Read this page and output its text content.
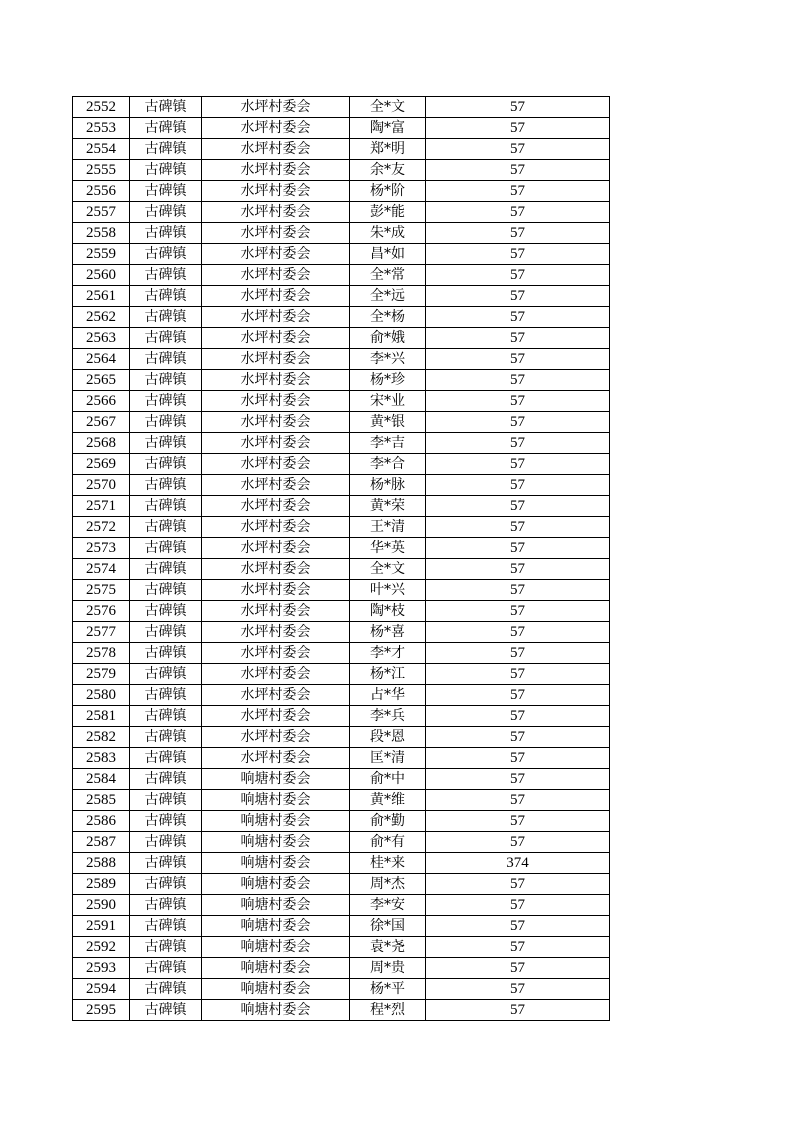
2552	古碑镇	水坪村委会	全*文	57
2553	古碑镇	水坪村委会	陶*富	57
2554	古碑镇	水坪村委会	郑*明	57
2555	古碑镇	水坪村委会	余*友	57
2556	古碑镇	水坪村委会	杨*阶	57
2557	古碑镇	水坪村委会	彭*能	57
2558	古碑镇	水坪村委会	朱*成	57
2559	古碑镇	水坪村委会	昌*如	57
2560	古碑镇	水坪村委会	全*常	57
2561	古碑镇	水坪村委会	全*远	57
2562	古碑镇	水坪村委会	全*杨	57
2563	古碑镇	水坪村委会	俞*娥	57
2564	古碑镇	水坪村委会	李*兴	57
2565	古碑镇	水坪村委会	杨*珍	57
2566	古碑镇	水坪村委会	宋*业	57
2567	古碑镇	水坪村委会	黄*银	57
2568	古碑镇	水坪村委会	李*吉	57
2569	古碑镇	水坪村委会	李*合	57
2570	古碑镇	水坪村委会	杨*脉	57
2571	古碑镇	水坪村委会	黄*荣	57
2572	古碑镇	水坪村委会	王*清	57
2573	古碑镇	水坪村委会	华*英	57
2574	古碑镇	水坪村委会	全*文	57
2575	古碑镇	水坪村委会	叶*兴	57
2576	古碑镇	水坪村委会	陶*枝	57
2577	古碑镇	水坪村委会	杨*喜	57
2578	古碑镇	水坪村委会	李*才	57
2579	古碑镇	水坪村委会	杨*江	57
2580	古碑镇	水坪村委会	占*华	57
2581	古碑镇	水坪村委会	李*兵	57
2582	古碑镇	水坪村委会	段*恩	57
2583	古碑镇	水坪村委会	匡*清	57
2584	古碑镇	响塘村委会	俞*中	57
2585	古碑镇	响塘村委会	黄*维	57
2586	古碑镇	响塘村委会	俞*勤	57
2587	古碑镇	响塘村委会	俞*有	57
2588	古碑镇	响塘村委会	桂*来	374
2589	古碑镇	响塘村委会	周*杰	57
2590	古碑镇	响塘村委会	李*安	57
2591	古碑镇	响塘村委会	徐*国	57
2592	古碑镇	响塘村委会	袁*尧	57
2593	古碑镇	响塘村委会	周*贵	57
2594	古碑镇	响塘村委会	杨*平	57
2595	古碑镇	响塘村委会	程*烈	57
